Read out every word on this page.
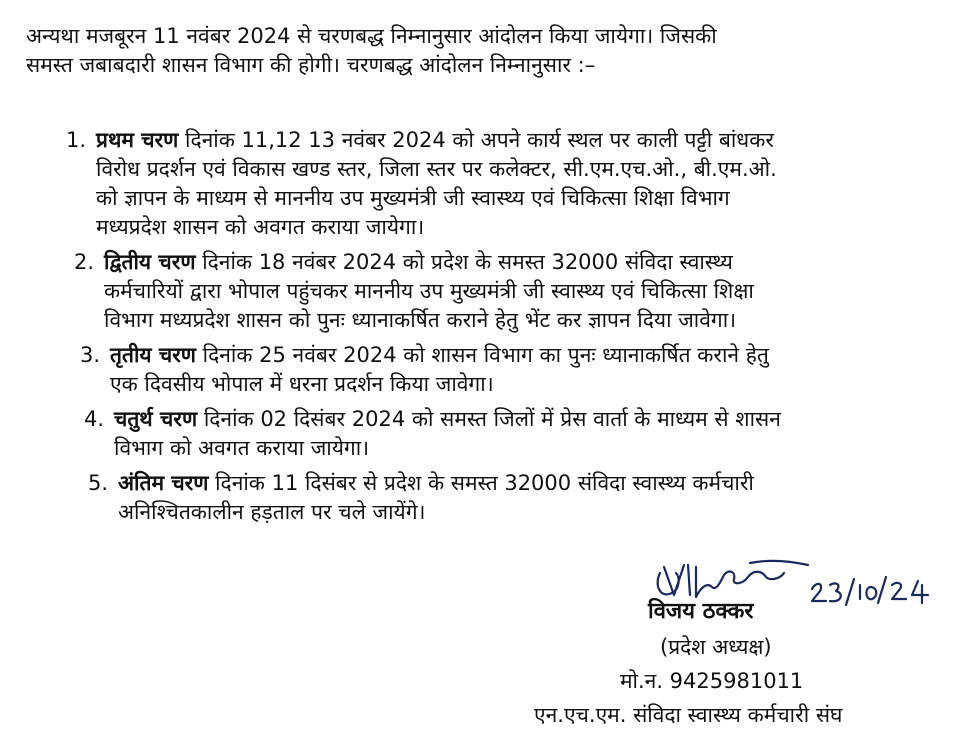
अन्यथा मजबूरन 11 नवंबर 2024 से चरणबद्ध निम्नानुसार आंदोलन किया जायेगा। जिसकी

समस्त जबाबदारी शासन विभाग की होगी। चरणबद्ध आंदोलन निम्नानुसार :–

1. प्रथम चरण दिनांक 11,12 13 नवंबर 2024 को अपने कार्य स्थल पर काली पट्टी बांधकर
विरोध प्रदर्शन एवं विकास खण्ड स्तर, जिला स्तर पर कलेक्टर, सी.एम.एच.ओ., बी.एम.ओ.
को ज्ञापन के माध्यम से माननीय उप मुख्यमंत्री जी स्वास्थ्य एवं चिकित्सा शिक्षा विभाग
मध्यप्रदेश शासन को अवगत कराया जायेगा।
2. द्वितीय चरण दिनांक 18 नवंबर 2024 को प्रदेश के समस्त 32000 संविदा स्वास्थ्य
कर्मचारियों द्वारा भोपाल पहुंचकर माननीय उप मुख्यमंत्री जी स्वास्थ्य एवं चिकित्सा शिक्षा
विभाग मध्यप्रदेश शासन को पुनः ध्यानाकर्षित कराने हेतु भेंट कर ज्ञापन दिया जावेगा।
3. तृतीय चरण दिनांक 25 नवंबर 2024 को शासन विभाग का पुनः ध्यानाकर्षित कराने हेतु
एक दिवसीय भोपाल में धरना प्रदर्शन किया जावेगा।
4. चतुर्थ चरण दिनांक 02 दिसंबर 2024 को समस्त जिलों में प्रेस वार्ता के माध्यम से शासन
विभाग को अवगत कराया जायेगा।
5. अंतिम चरण दिनांक 11 दिसंबर से प्रदेश के समस्त 32000 संविदा स्वास्थ्य कर्मचारी
अनिश्चितकालीन हड़ताल पर चले जायेंगे।
विजय ठक्कर
(प्रदेश अध्यक्ष)
मो.न. 9425981011
एन.एच.एम. संविदा स्वास्थ्य कर्मचारी संघ
